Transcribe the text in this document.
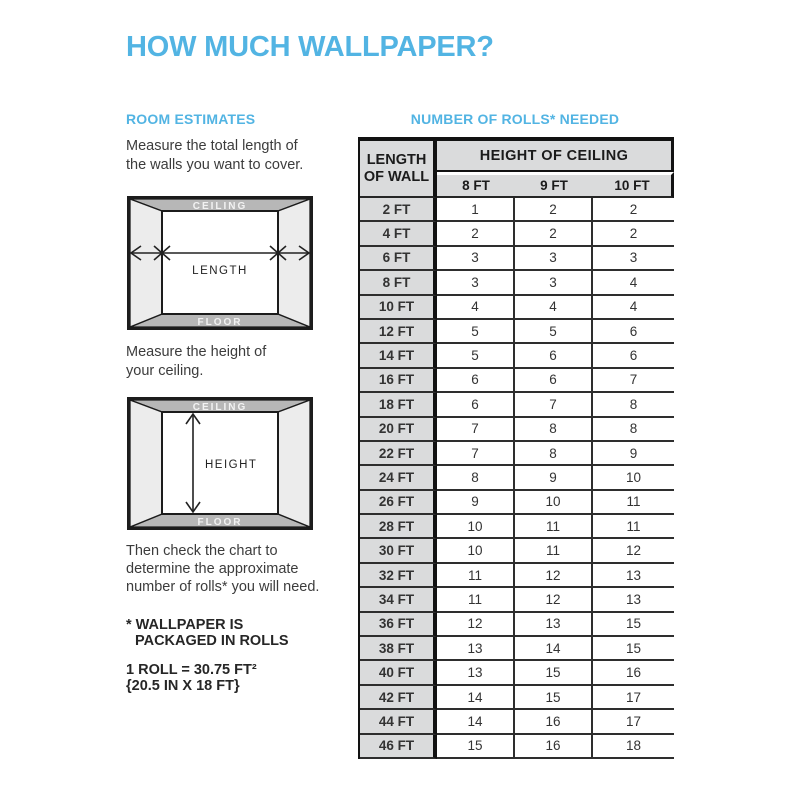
HOW MUCH WALLPAPER?
ROOM ESTIMATES
Measure the total length of
the walls you want to cover.
CEILING
FLOOR
LENGTH
Measure the height of
your ceiling.
CEILING
FLOOR
HEIGHT
Then check the chart to
determine the approximate
number of rolls* you will need.
* WALLPAPER IS
PACKAGED IN ROLLS
1 ROLL = 30.75 FT²
{20.5 IN X 18 FT}
NUMBER OF ROLLS* NEEDED
LENGTH
OF WALL	HEIGHT OF CEILING		
	8 FT	9 FT	10 FT
2 FT	1	2	2
4 FT	2	2	2
6 FT	3	3	3
8 FT	3	3	4
10 FT	4	4	4
12 FT	5	5	6
14 FT	5	6	6
16 FT	6	6	7
18 FT	6	7	8
20 FT	7	8	8
22 FT	7	8	9
24 FT	8	9	10
26 FT	9	10	11
28 FT	10	11	11
30 FT	10	11	12
32 FT	11	12	13
34 FT	11	12	13
36 FT	12	13	15
38 FT	13	14	15
40 FT	13	15	16
42 FT	14	15	17
44 FT	14	16	17
46 FT	15	16	18
